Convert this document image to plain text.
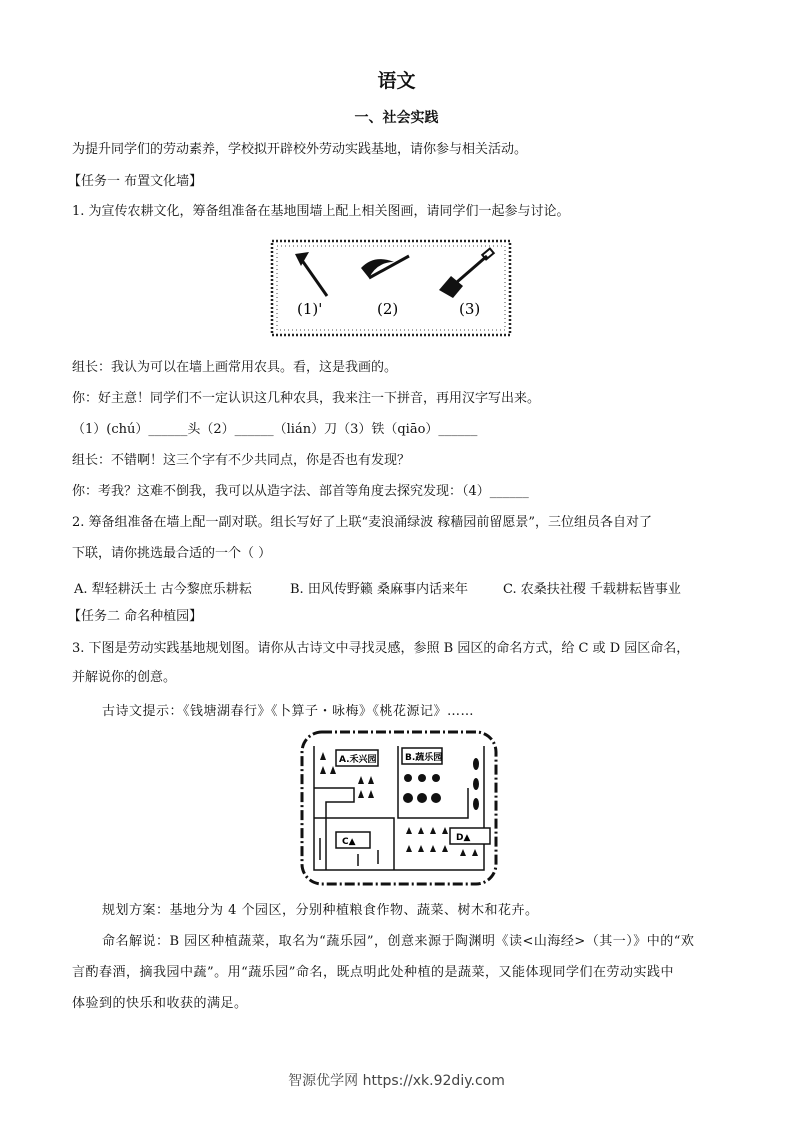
语文
一、社会实践
为提升同学们的劳动素养，学校拟开辟校外劳动实践基地，请你参与相关活动。
【任务一 布置文化墙】
1. 为宣传农耕文化，筹备组准备在基地围墙上配上相关图画，请同学们一起参与讨论。
(1)'	(2)	(3)
组长：我认为可以在墙上画常用农具。看，这是我画的。
你：好主意！同学们不一定认识这几种农具，我来注一下拼音，再用汉字写出来。
（1）(chú）______头（2）______（lián）刀（3）铁（qiāo）______
组长：不错啊！这三个字有不少共同点，你是否也有发现？
你：考我？这难不倒我，我可以从造字法、部首等角度去探究发现：（4）______
2. 筹备组准备在墙上配一副对联。组长写好了上联“麦浪涌绿波 稼穑园前留愿景”，三位组员各自对了
下联，请你挑选最合适的一个（ ）
A. 犁轻耕沃土 古今黎庶乐耕耘	B. 田风传野籁 桑麻事内话来年	C. 农桑扶社稷 千载耕耘皆事业
【任务二 命名种植园】
3. 下图是劳动实践基地规划图。请你从古诗文中寻找灵感，参照 B 园区的命名方式，给 C 或 D 园区命名，
并解说你的创意。
古诗文提示：《钱塘湖春行》《卜算子・咏梅》《桃花源记》……
A.禾兴园	B.蔬乐园
C▲	D▲
规划方案：基地分为 4 个园区，分别种植粮食作物、蔬菜、树木和花卉。
命名解说：B 园区种植蔬菜，取名为“蔬乐园”，创意来源于陶渊明《读<山海经>（其一）》中的“欢
言酌春酒，摘我园中蔬”。用“蔬乐园”命名，既点明此处种植的是蔬菜，又能体现同学们在劳动实践中
体验到的快乐和收获的满足。
智源优学网 https://xk.92diy.com
